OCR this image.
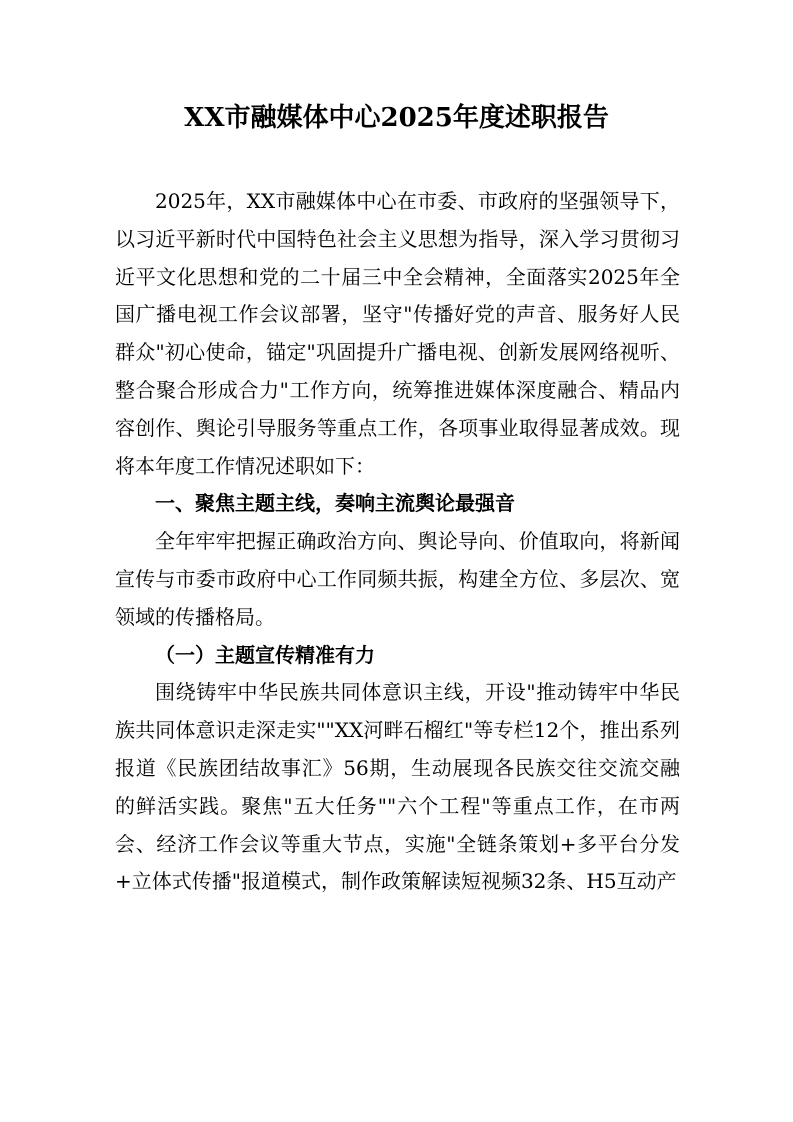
XX市融媒体中心2025年度述职报告

2025年，XX市融媒体中心在市委、市政府的坚强领导下，以习近平新时代中国特色社会主义思想为指导，深入学习贯彻习近平文化思想和党的二十届三中全会精神，全面落实2025年全国广播电视工作会议部署，坚守"传播好党的声音、服务好人民群众"初心使命，锚定"巩固提升广播电视、创新发展网络视听、整合聚合形成合力"工作方向，统筹推进媒体深度融合、精品内容创作、舆论引导服务等重点工作，各项事业取得显著成效。现将本年度工作情况述职如下：

一、聚焦主题主线，奏响主流舆论最强音

全年牢牢把握正确政治方向、舆论导向、价值取向，将新闻宣传与市委市政府中心工作同频共振，构建全方位、多层次、宽领域的传播格局。

（一）主题宣传精准有力

围绕铸牢中华民族共同体意识主线，开设"推动铸牢中华民族共同体意识走深走实""XX河畔石榴红"等专栏12个，推出系列报道《民族团结故事汇》56期，生动展现各民族交往交流交融的鲜活实践。聚焦"五大任务""六个工程"等重点工作，在市两会、经济工作会议等重大节点，实施"全链条策划+多平台分发+立体式传播"报道模式，制作政策解读短视频32条、H5互动产
